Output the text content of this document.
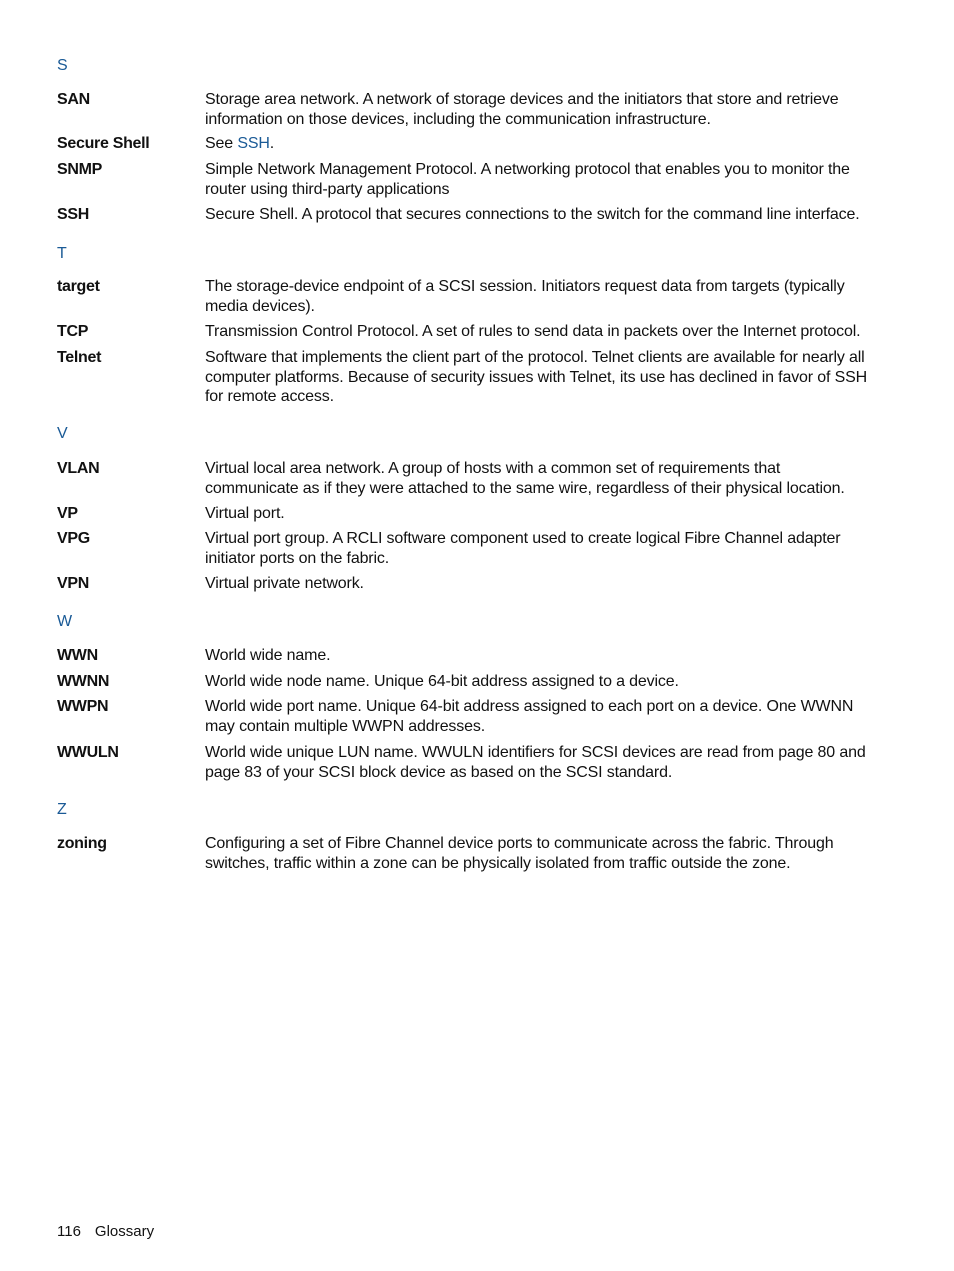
S
SAN	Storage area network. A network of storage devices and the initiators that store and retrieve information on those devices, including the communication infrastructure.
Secure Shell	See SSH.
SNMP	Simple Network Management Protocol. A networking protocol that enables you to monitor the router using third-party applications
SSH	Secure Shell. A protocol that secures connections to the switch for the command line interface.
T
target	The storage-device endpoint of a SCSI session. Initiators request data from targets (typically media devices).
TCP	Transmission Control Protocol. A set of rules to send data in packets over the Internet protocol.
Telnet	Software that implements the client part of the protocol. Telnet clients are available for nearly all computer platforms. Because of security issues with Telnet, its use has declined in favor of SSH for remote access.
V
VLAN	Virtual local area network. A group of hosts with a common set of requirements that communicate as if they were attached to the same wire, regardless of their physical location.
VP	Virtual port.
VPG	Virtual port group. A RCLI software component used to create logical Fibre Channel adapter initiator ports on the fabric.
VPN	Virtual private network.
W
WWN	World wide name.
WWNN	World wide node name. Unique 64-bit address assigned to a device.
WWPN	World wide port name. Unique 64-bit address assigned to each port on a device. One WWNN may contain multiple WWPN addresses.
WWULN	World wide unique LUN name. WWULN identifiers for SCSI devices are read from page 80 and page 83 of your SCSI block device as based on the SCSI standard.
Z
zoning	Configuring a set of Fibre Channel device ports to communicate across the fabric. Through switches, traffic within a zone can be physically isolated from traffic outside the zone.
116 Glossary
